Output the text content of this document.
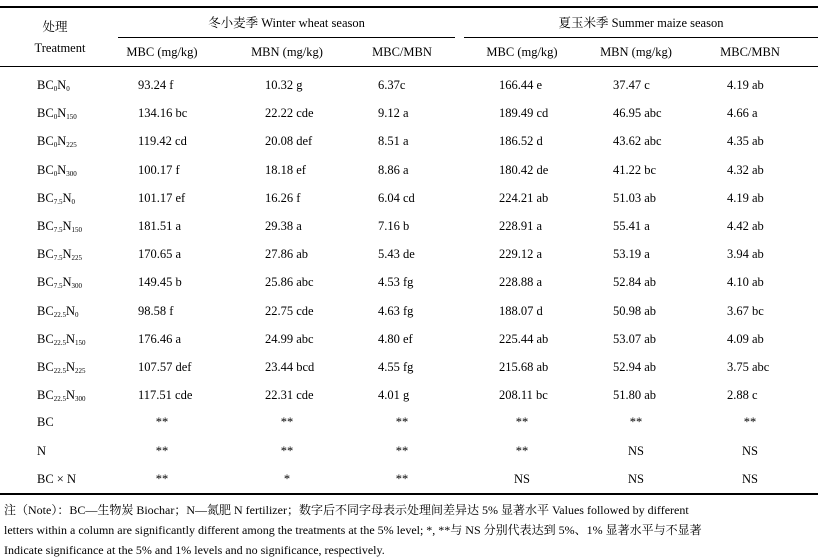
处理
Treatment
冬小麦季 Winter wheat season	夏玉米季 Summer maize season
MBC (mg/kg)	MBN (mg/kg)	MBC/MBN	MBC (mg/kg)	MBN (mg/kg)	MBC/MBN
$BC_0N_0$	93.24 f	10.32 g	6.37c	166.44 e	37.47 c	4.19 ab
$BC_0N_{150}$	134.16 bc	22.22 cde	9.12 a	189.49 cd	46.95 abc	4.66 a
$BC_0N_{225}$	119.42 cd	20.08 def	8.51 a	186.52 d	43.62 abc	4.35 ab
$BC_0N_{300}$	100.17 f	18.18 ef	8.86 a	180.42 de	41.22 bc	4.32 ab
$BC_{7.5}N_0$	101.17 ef	16.26 f	6.04 cd	224.21 ab	51.03 ab	4.19 ab
$BC_{7.5}N_{150}$	181.51 a	29.38 a	7.16 b	228.91 a	55.41 a	4.42 ab
$BC_{7.5}N_{225}$	170.65 a	27.86 ab	5.43 de	229.12 a	53.19 a	3.94 ab
$BC_{7.5}N_{300}$	149.45 b	25.86 abc	4.53 fg	228.88 a	52.84 ab	4.10 ab
$BC_{22.5}N_0$	98.58 f	22.75 cde	4.63 fg	188.07 d	50.98 ab	3.67 bc
$BC_{22.5}N_{150}$	176.46 a	24.99 abc	4.80 ef	225.44 ab	53.07 ab	4.09 ab
$BC_{22.5}N_{225}$	107.57 def	23.44 bcd	4.55 fg	215.68 ab	52.94 ab	3.75 abc
$BC_{22.5}N_{300}$	117.51 cde	22.31 cde	4.01 g	208.11 bc	51.80 ab	2.88 c
BC	**	**	**	**	**	**
N	**	**	**	**	NS	NS
BC × N	**	*	**	NS	NS	NS

注（Note）：BC—生物炭 Biochar；N—氮肥 N fertilizer；数字后不同字母表示处理间差异达 5% 显著水平 Values followed by different

letters within a column are significantly different among the treatments at the 5% level; *, **与 NS 分别代表达到 5%、1% 显著水平与不显著

Indicate significance at the 5% and 1% levels and no significance, respectively.
